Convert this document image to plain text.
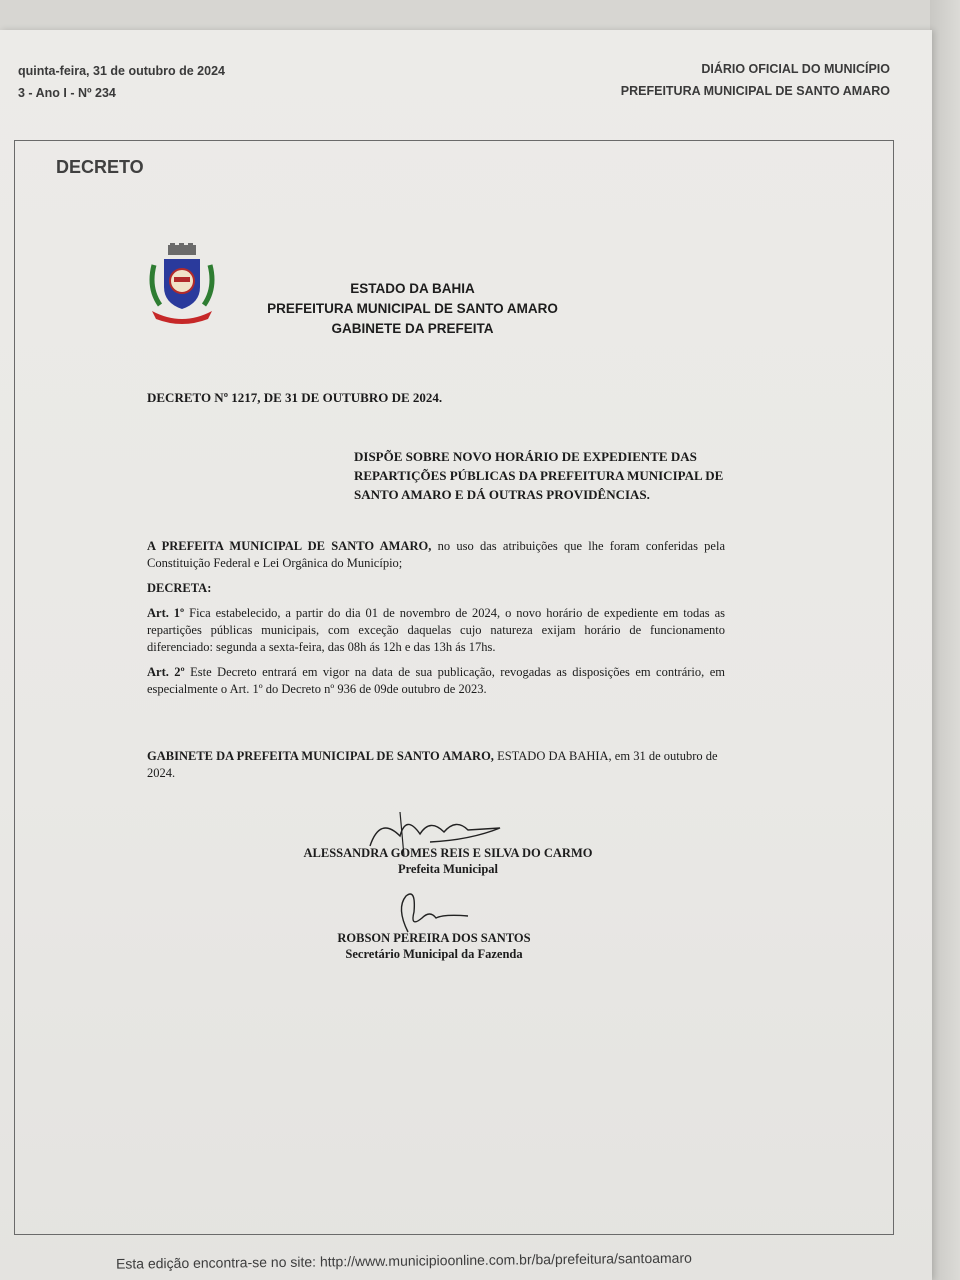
quinta-feira, 31 de outubro de 2024
3 - Ano I - Nº 234
DIÁRIO OFICIAL DO MUNICÍPIO
PREFEITURA MUNICIPAL DE SANTO AMARO
DECRETO
ESTADO DA BAHIA
PREFEITURA MUNICIPAL DE SANTO AMARO
GABINETE DA PREFEITA
DECRETO Nº 1217, DE 31 DE OUTUBRO DE 2024.
DISPÕE SOBRE NOVO HORÁRIO DE EXPEDIENTE DAS REPARTIÇÕES PÚBLICAS DA PREFEITURA MUNICIPAL DE SANTO AMARO E DÁ OUTRAS PROVIDÊNCIAS.

A PREFEITA MUNICIPAL DE SANTO AMARO, no uso das atribuições que lhe foram conferidas pela Constituição Federal e Lei Orgânica do Município;

DECRETA:

Art. 1º Fica estabelecido, a partir do dia 01 de novembro de 2024, o novo horário de expediente em todas as repartições públicas municipais, com exceção daquelas cujo natureza exijam horário de funcionamento diferenciado: segunda a sexta-feira, das 08h ás 12h e das 13h ás 17hs.

Art. 2º Este Decreto entrará em vigor na data de sua publicação, revogadas as disposições em contrário, em especialmente o Art. 1º do Decreto nº 936 de 09de outubro de 2023.

GABINETE DA PREFEITA MUNICIPAL DE SANTO AMARO, ESTADO DA BAHIA, em 31 de outubro de 2024.
ALESSANDRA GOMES REIS E SILVA DO CARMO
Prefeita Municipal
ROBSON PEREIRA DOS SANTOS
Secretário Municipal da Fazenda
Esta edição encontra-se no site: http://www.municipioonline.com.br/ba/prefeitura/santoamaro
